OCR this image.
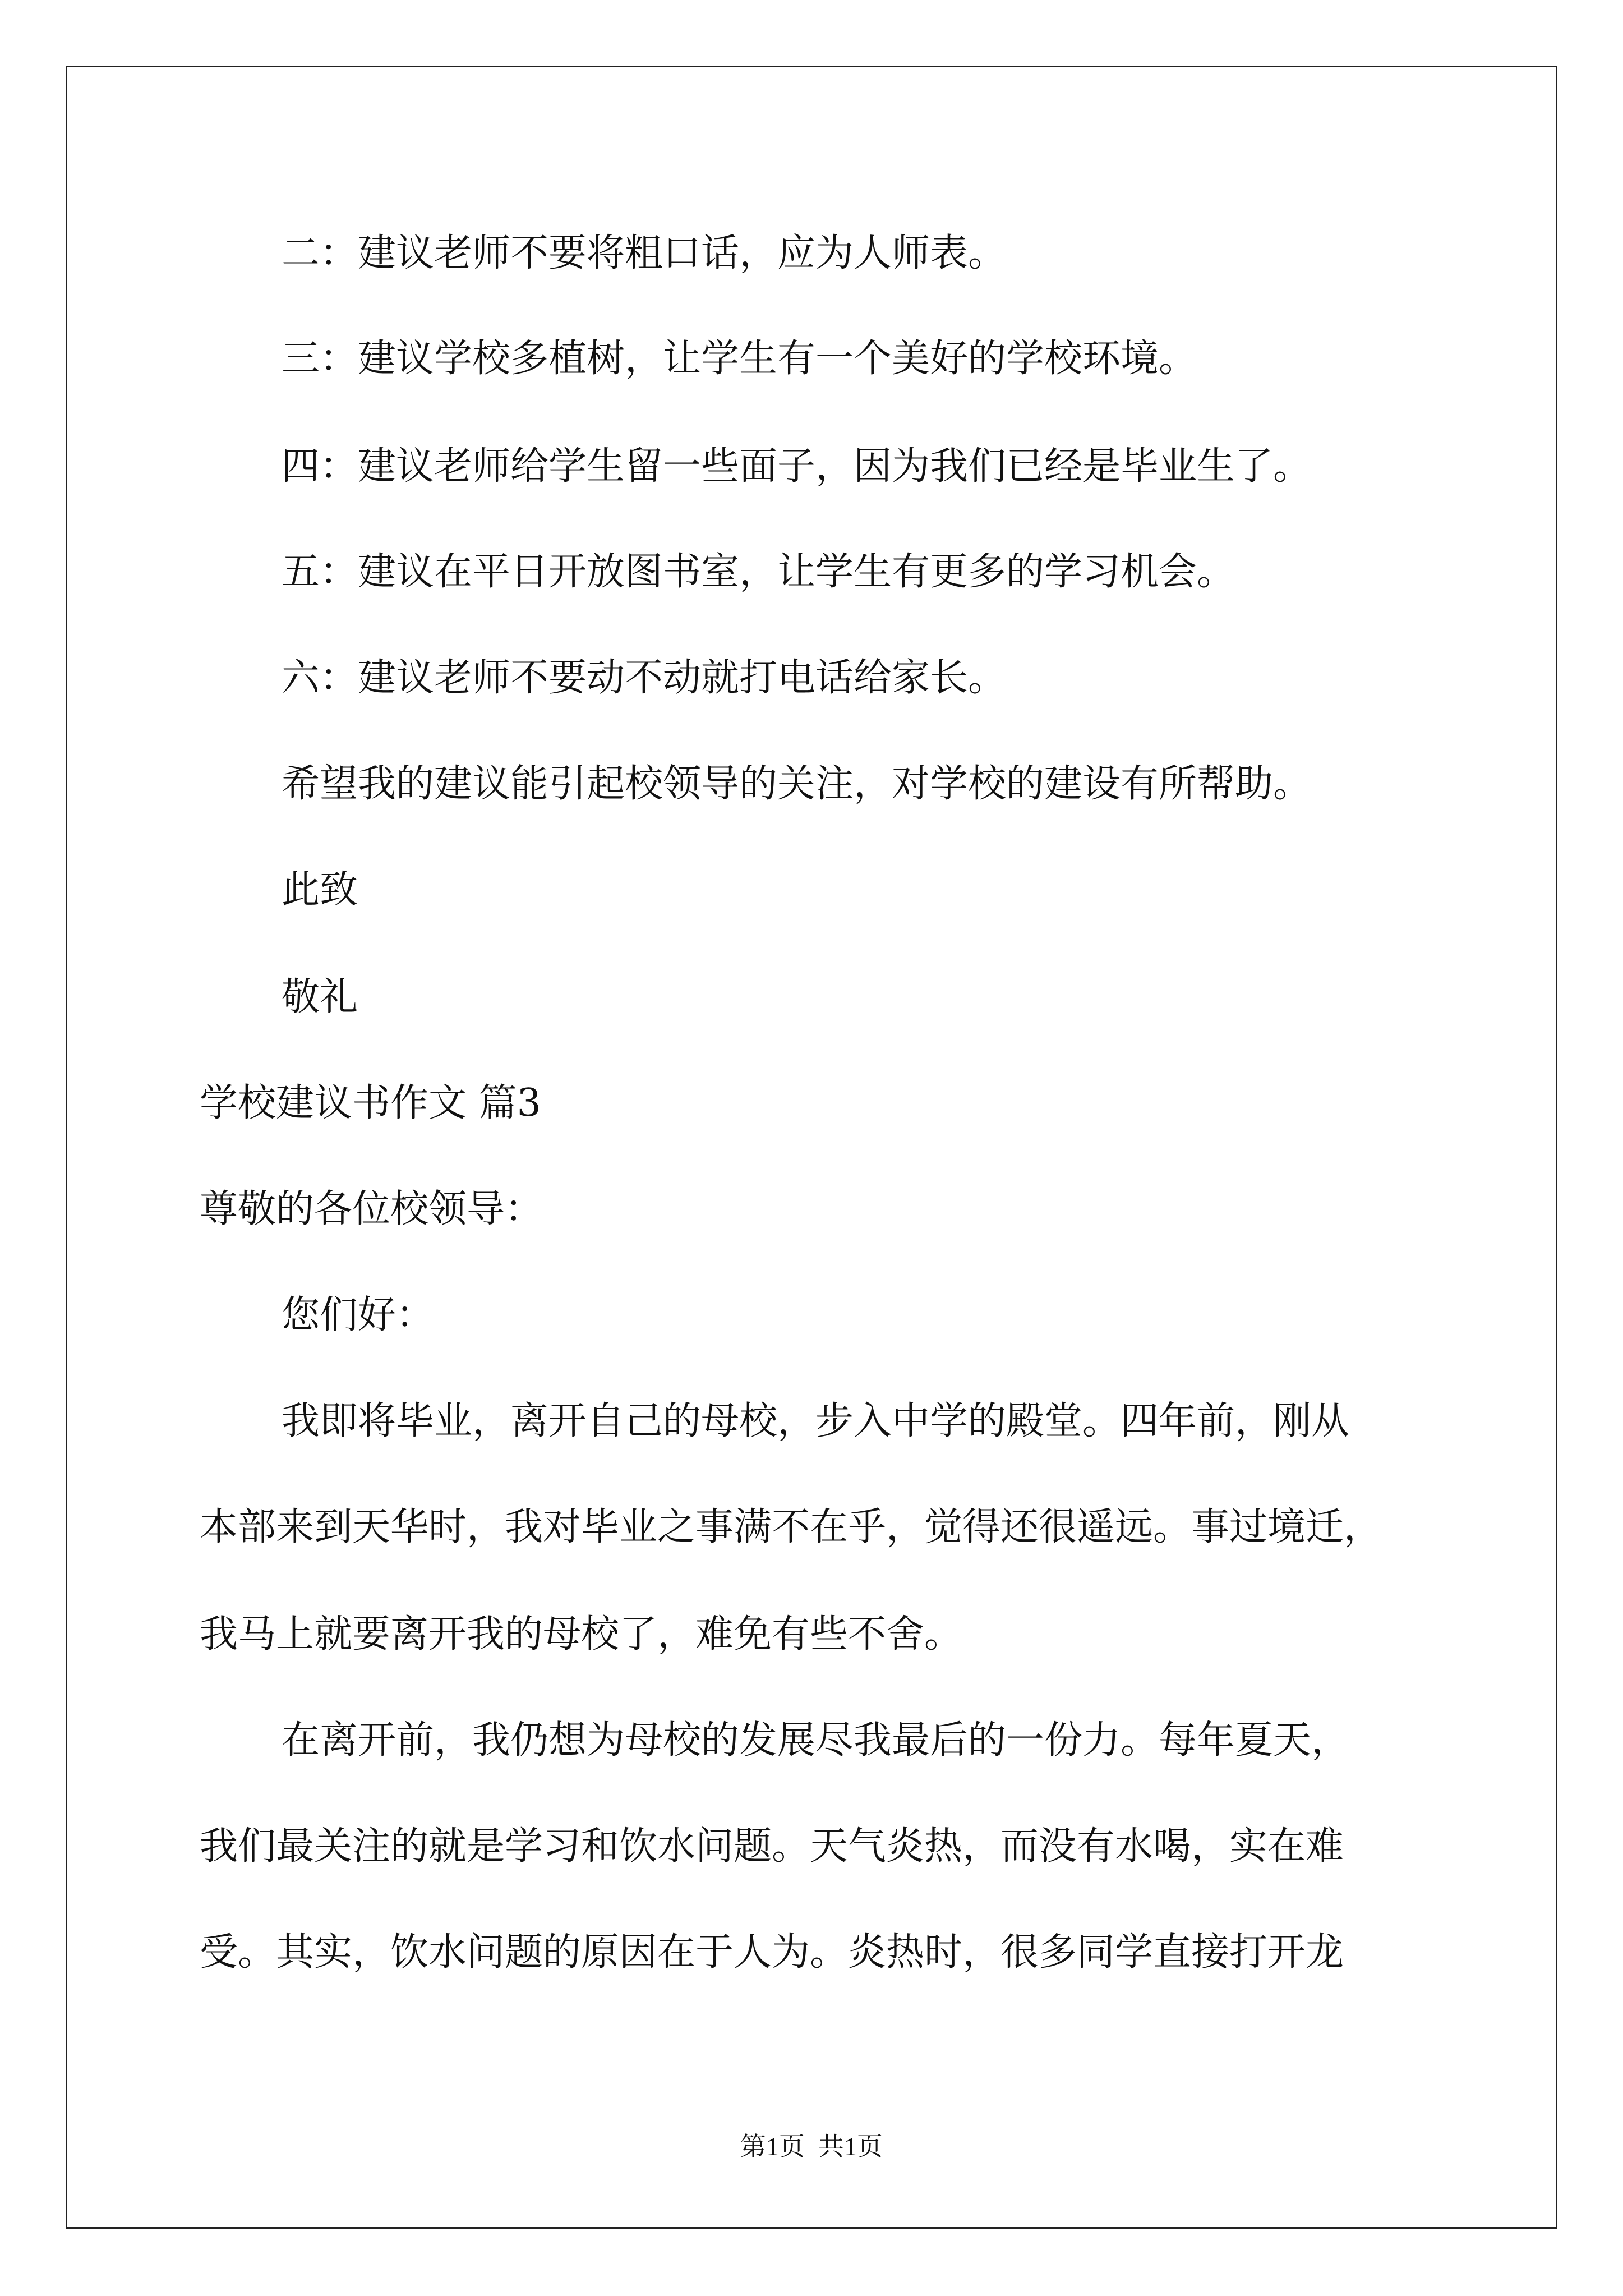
二：建议老师不要将粗口话，应为人师表。

三：建议学校多植树，让学生有一个美好的学校环境。

四：建议老师给学生留一些面子，因为我们已经是毕业生了。

五：建议在平日开放图书室，让学生有更多的学习机会。

六：建议老师不要动不动就打电话给家长。

希望我的建议能引起校领导的关注，对学校的建设有所帮助。

此致

敬礼

学校建议书作文 篇3

尊敬的各位校领导：

您们好：

我即将毕业，离开自己的母校，步入中学的殿堂。四年前，刚从

本部来到天华时，我对毕业之事满不在乎，觉得还很遥远。事过境迁，

我马上就要离开我的母校了，难免有些不舍。

在离开前，我仍想为母校的发展尽我最后的一份力。每年夏天，

我们最关注的就是学习和饮水问题。天气炎热，而没有水喝，实在难

受。其实，饮水问题的原因在于人为。炎热时，很多同学直接打开龙

第1页 共1页
